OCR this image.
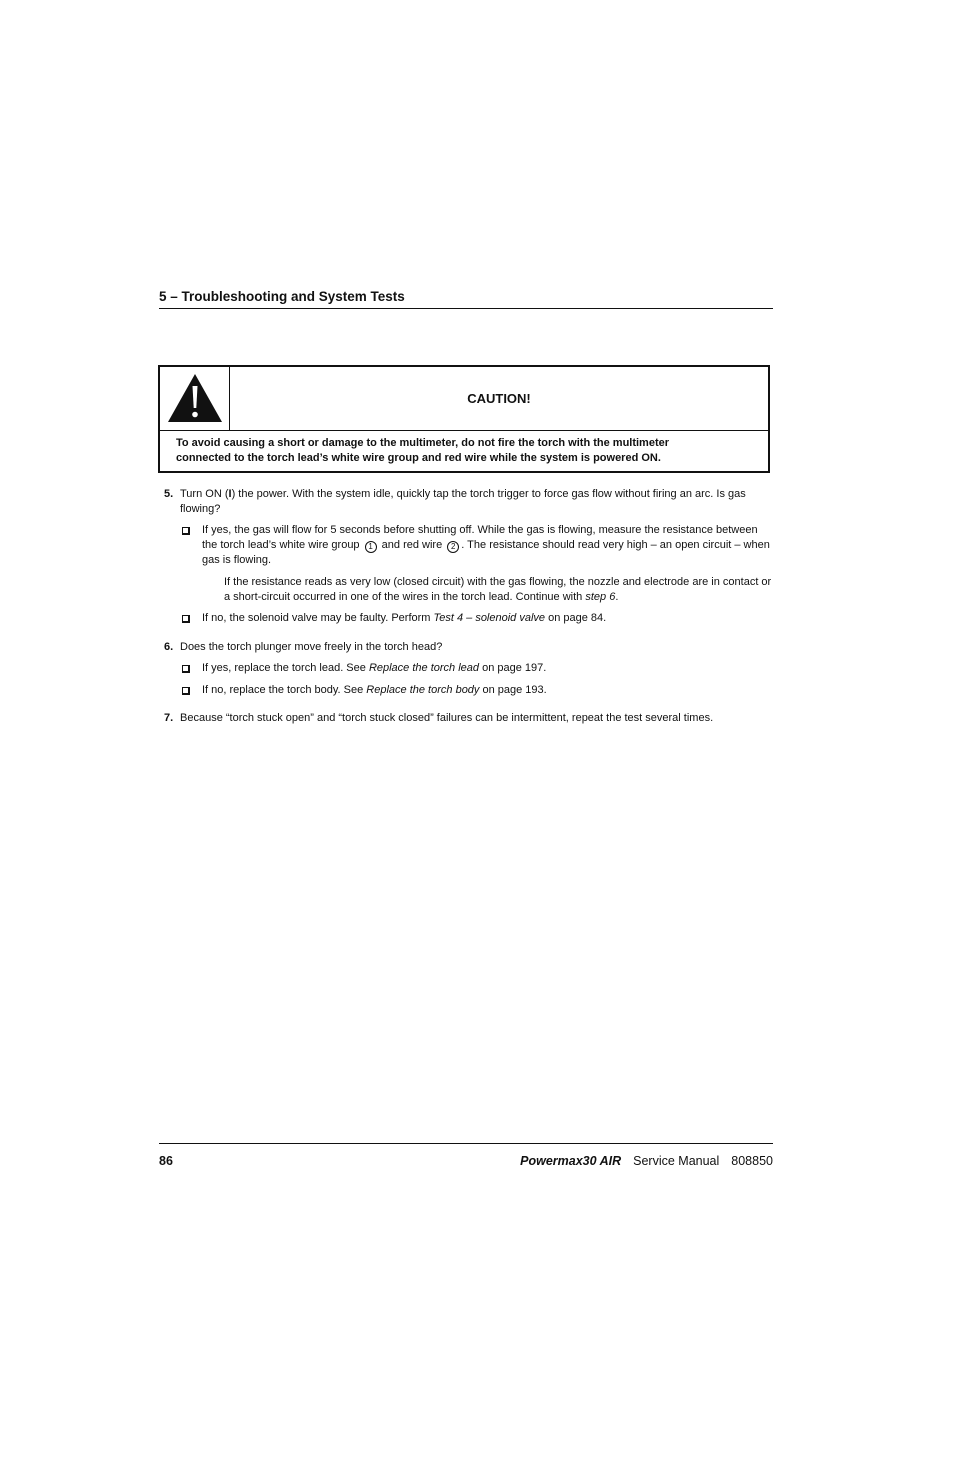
5 – Troubleshooting and System Tests
CAUTION!
To avoid causing a short or damage to the multimeter, do not fire the torch with the multimeter
connected to the torch lead’s white wire group and red wire while the system is powered ON.
5. Turn ON (I) the power. With the system idle, quickly tap the torch trigger to force gas flow without firing an arc. Is gas flowing?
If yes, the gas will flow for 5 seconds before shutting off. While the gas is flowing, measure the resistance between the torch lead’s white wire group 1 and red wire 2 . The resistance should read very high – an open circuit – when gas is flowing.
If the resistance reads as very low (closed circuit) with the gas flowing, the nozzle and electrode are in contact or a short-circuit occurred in one of the wires in the torch lead. Continue with step 6.
If no, the solenoid valve may be faulty. Perform Test 4 – solenoid valve on page 84.
6. Does the torch plunger move freely in the torch head?
If yes, replace the torch lead. See Replace the torch lead on page 197.
If no, replace the torch body. See Replace the torch body on page 193.
7. Because “torch stuck open” and “torch stuck closed” failures can be intermittent, repeat the test several times.
86	Powermax30 AIR Service Manual 808850
